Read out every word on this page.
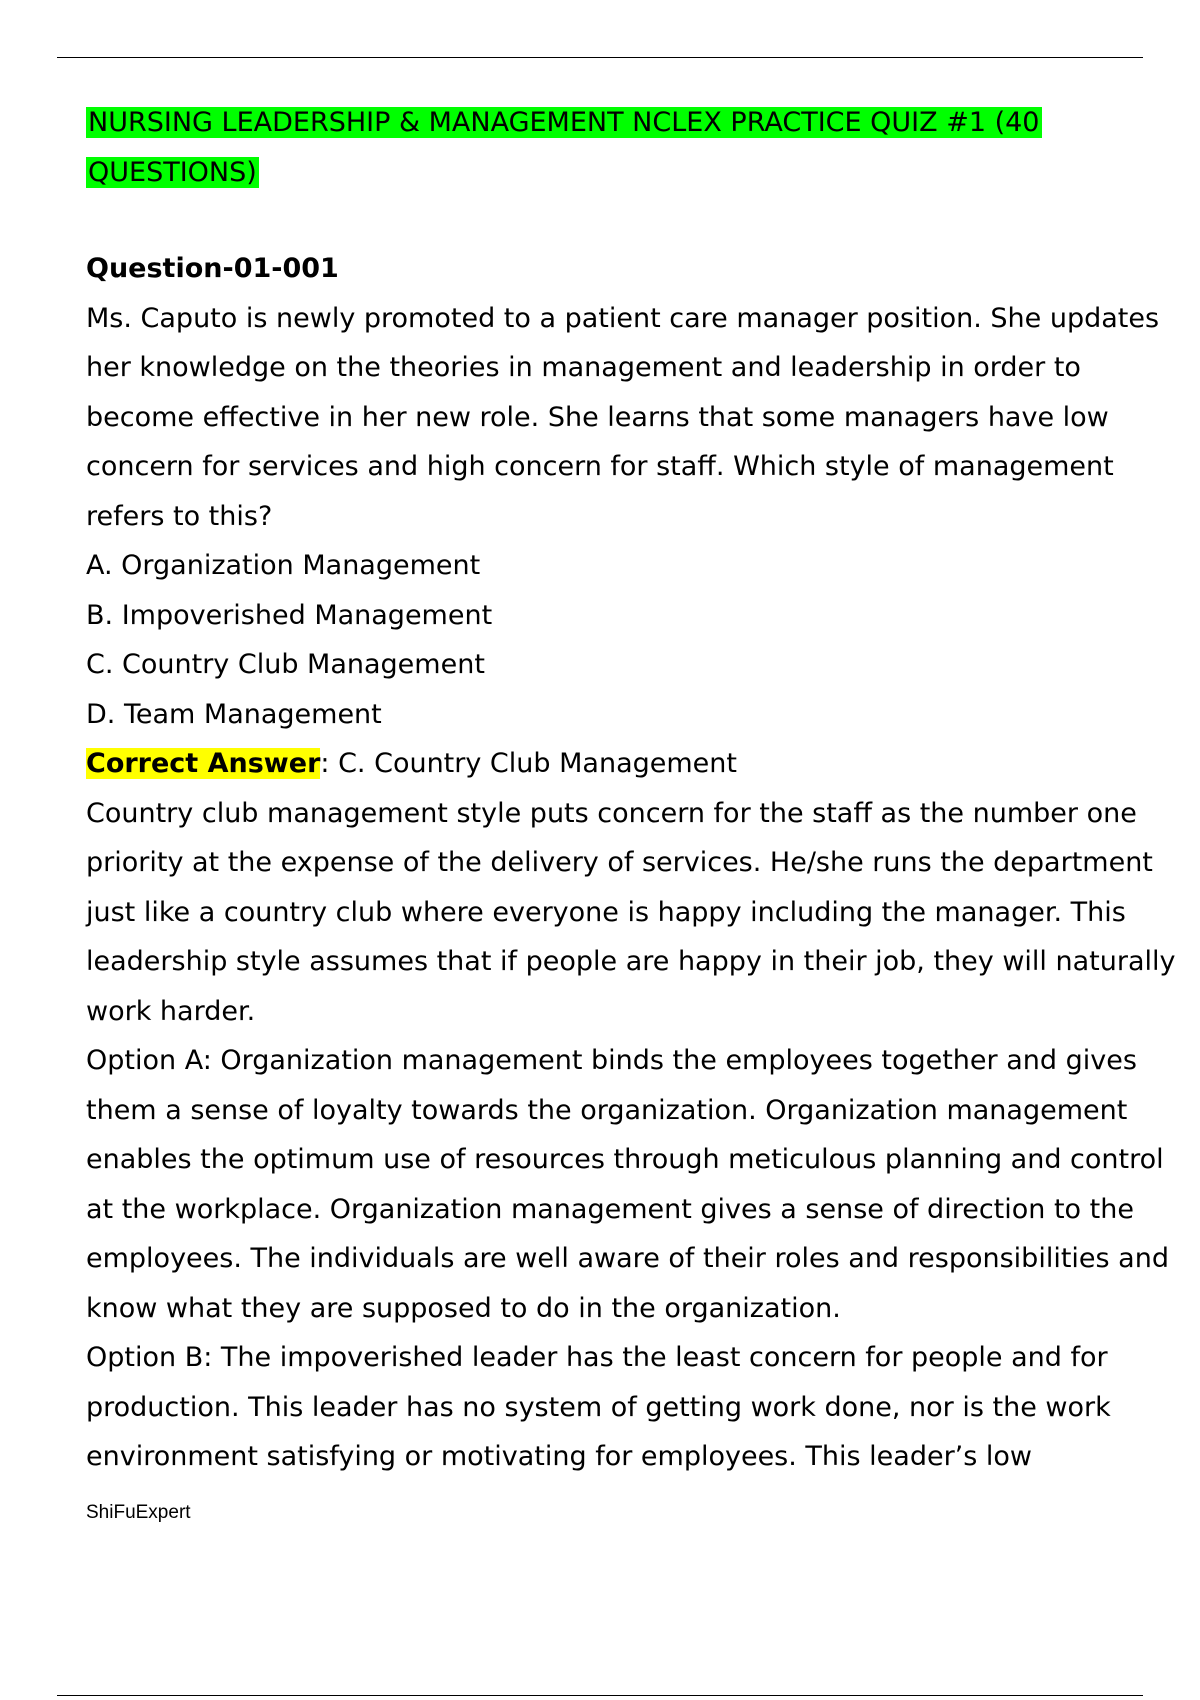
NURSING LEADERSHIP & MANAGEMENT NCLEX PRACTICE QUIZ #1 (40 QUESTIONS)
Question-01-001

Ms. Caputo is newly promoted to a patient care manager position. She updates her knowledge on the theories in management and leadership in order to become effective in her new role. She learns that some managers have low concern for services and high concern for staff. Which style of management refers to this?

A. Organization Management
B. Impoverished Management
C. Country Club Management
D. Team Management

Correct Answer: C. Country Club Management

Country club management style puts concern for the staff as the number one priority at the expense of the delivery of services. He/she runs the department just like a country club where everyone is happy including the manager. This leadership style assumes that if people are happy in their job, they will naturally work harder.

Option A: Organization management binds the employees together and gives them a sense of loyalty towards the organization. Organization management enables the optimum use of resources through meticulous planning and control at the workplace. Organization management gives a sense of direction to the employees. The individuals are well aware of their roles and responsibilities and know what they are supposed to do in the organization.

Option B: The impoverished leader has the least concern for people and for production. This leader has no system of getting work done, nor is the work environment satisfying or motivating for employees. This leader’s low

ShiFuExpert
